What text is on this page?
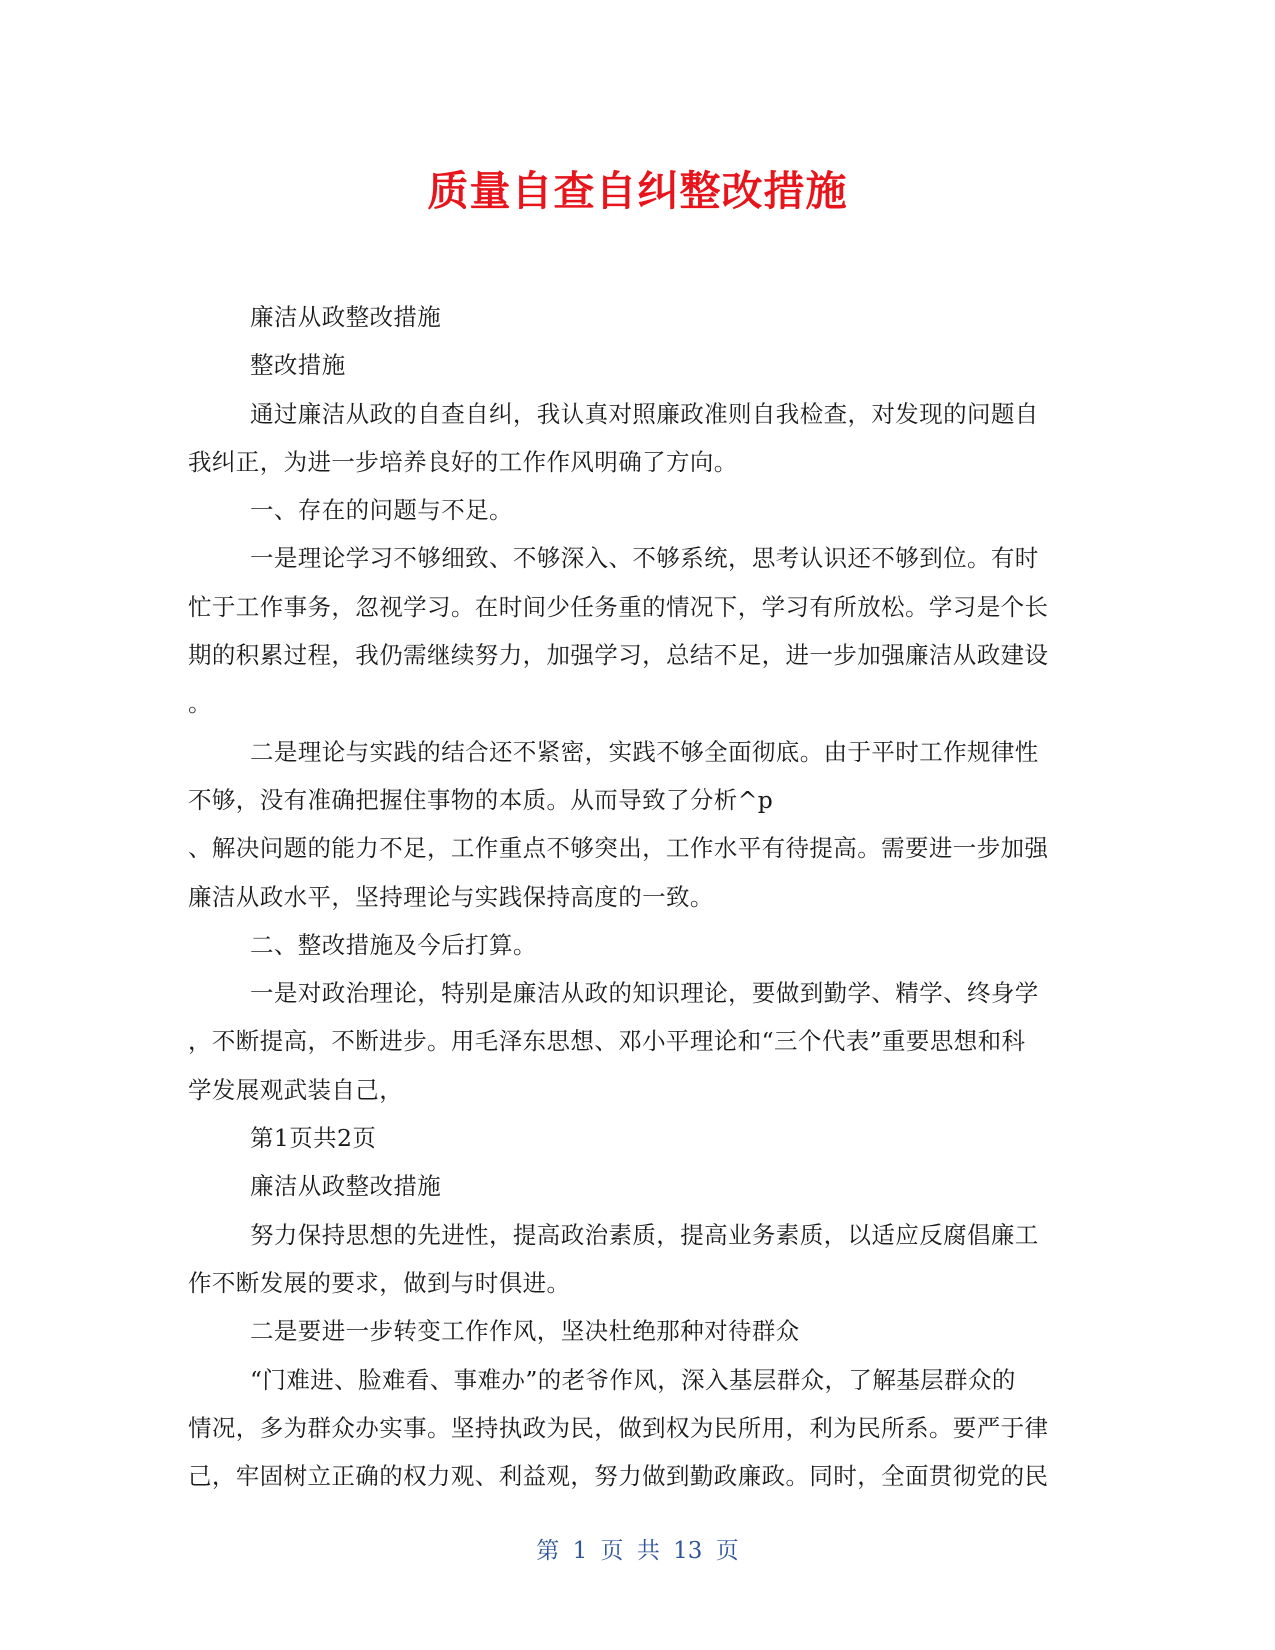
质量自查自纠整改措施
廉洁从政整改措施
整改措施
通过廉洁从政的自查自纠，我认真对照廉政准则自我检查，对发现的问题自
我纠正，为进一步培养良好的工作作风明确了方向。
一、存在的问题与不足。
一是理论学习不够细致、不够深入、不够系统，思考认识还不够到位。有时
忙于工作事务，忽视学习。在时间少任务重的情况下，学习有所放松。学习是个长
期的积累过程，我仍需继续努力，加强学习，总结不足，进一步加强廉洁从政建设
。
二是理论与实践的结合还不紧密，实践不够全面彻底。由于平时工作规律性
不够，没有准确把握住事物的本质。从而导致了分析^p
、解决问题的能力不足，工作重点不够突出，工作水平有待提高。需要进一步加强
廉洁从政水平，坚持理论与实践保持高度的一致。
二、整改措施及今后打算。
一是对政治理论，特别是廉洁从政的知识理论，要做到勤学、精学、终身学
，不断提高，不断进步。用毛泽东思想、邓小平理论和“三个代表”重要思想和科
学发展观武装自己，
第1页共2页
廉洁从政整改措施
努力保持思想的先进性，提高政治素质，提高业务素质，以适应反腐倡廉工
作不断发展的要求，做到与时俱进。
二是要进一步转变工作作风，坚决杜绝那种对待群众
“门难进、脸难看、事难办”的老爷作风，深入基层群众，了解基层群众的
情况，多为群众办实事。坚持执政为民，做到权为民所用，利为民所系。要严于律
己，牢固树立正确的权力观、利益观，努力做到勤政廉政。同时，全面贯彻党的民
第 1 页 共 13 页
